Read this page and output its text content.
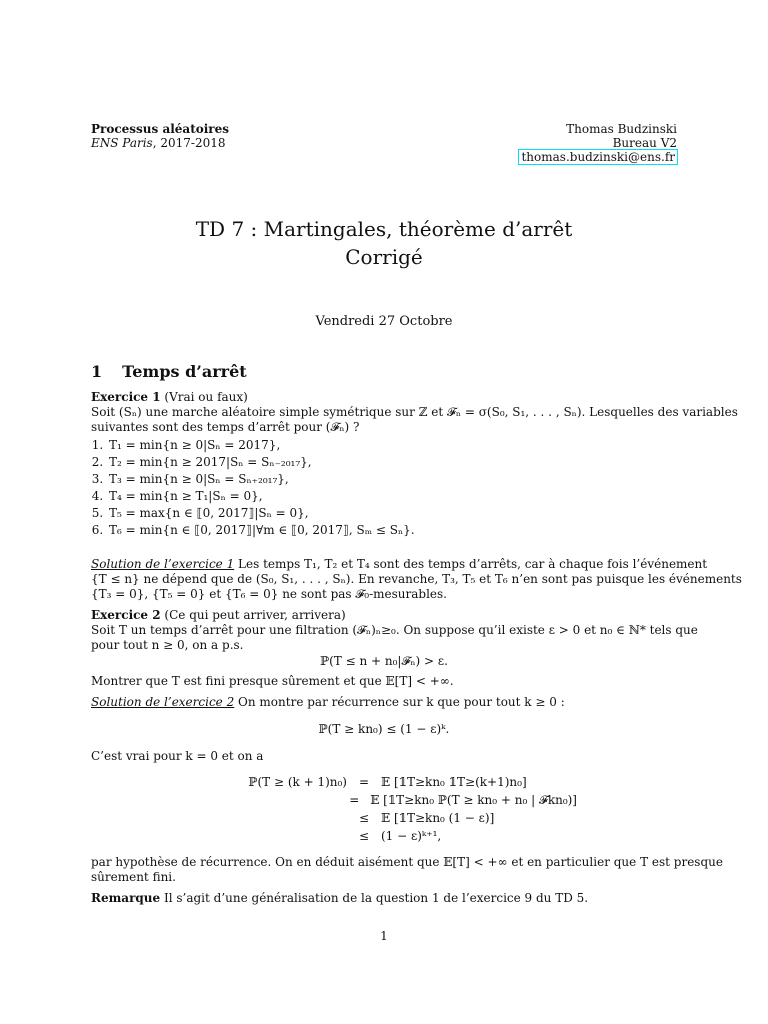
Processus aléatoires
ENS Paris, 2017-2018
Thomas Budzinski
Bureau V2
thomas.budzinski@ens.fr
TD 7 : Martingales, théorème d’arrêt
Corrigé
Vendredi 27 Octobre
1 Temps d’arrêt
Exercice 1 (Vrai ou faux)
Soit (Sₙ) une marche aléatoire simple symétrique sur ℤ et 𝓕ₙ = σ(S₀, S₁, . . . , Sₙ). Lesquelles des variables
suivantes sont des temps d’arrêt pour (𝓕ₙ) ?
1. T₁ = min{n ≥ 0|Sₙ = 2017},
2. T₂ = min{n ≥ 2017|Sₙ = Sₙ₋₂₀₁₇},
3. T₃ = min{n ≥ 0|Sₙ = Sₙ₊₂₀₁₇},
4. T₄ = min{n ≥ T₁|Sₙ = 0},
5. T₅ = max{n ∈ ⟦0, 2017⟧|Sₙ = 0},
6. T₆ = min{n ∈ ⟦0, 2017⟧|∀m ∈ ⟦0, 2017⟧, Sₘ ≤ Sₙ}.
Solution de l’exercice 1 Les temps T₁, T₂ et T₄ sont des temps d’arrêts, car à chaque fois l’événement
{T ≤ n} ne dépend que de (S₀, S₁, . . . , Sₙ). En revanche, T₃, T₅ et T₆ n’en sont pas puisque les événements
{T₃ = 0}, {T₅ = 0} et {T₆ = 0} ne sont pas 𝓕₀-mesurables.
Exercice 2 (Ce qui peut arriver, arrivera)
Soit T un temps d’arrêt pour une filtration (𝓕ₙ)ₙ≥₀. On suppose qu’il existe ε > 0 et n₀ ∈ ℕ* tels que
pour tout n ≥ 0, on a p.s.
ℙ(T ≤ n + n₀|𝓕ₙ) > ε.
Montrer que T est fini presque sûrement et que 𝔼[T] < +∞.
Solution de l’exercice 2 On montre par récurrence sur k que pour tout k ≥ 0 :
ℙ(T ≥ kn₀) ≤ (1 − ε)ᵏ.
C’est vrai pour k = 0 et on a
ℙ(T ≥ (k + 1)n₀) = 𝔼 [𝟙T≥kn₀ 𝟙T≥(k+1)n₀]
= 𝔼 [𝟙T≥kn₀ ℙ(T ≥ kn₀ + n₀ | 𝓕kn₀)]
≤ 𝔼 [𝟙T≥kn₀ (1 − ε)]
≤ (1 − ε)ᵏ⁺¹,
par hypothèse de récurrence. On en déduit aisément que 𝔼[T] < +∞ et en particulier que T est presque
sûrement fini.
Remarque Il s’agit d’une généralisation de la question 1 de l’exercice 9 du TD 5.
1
